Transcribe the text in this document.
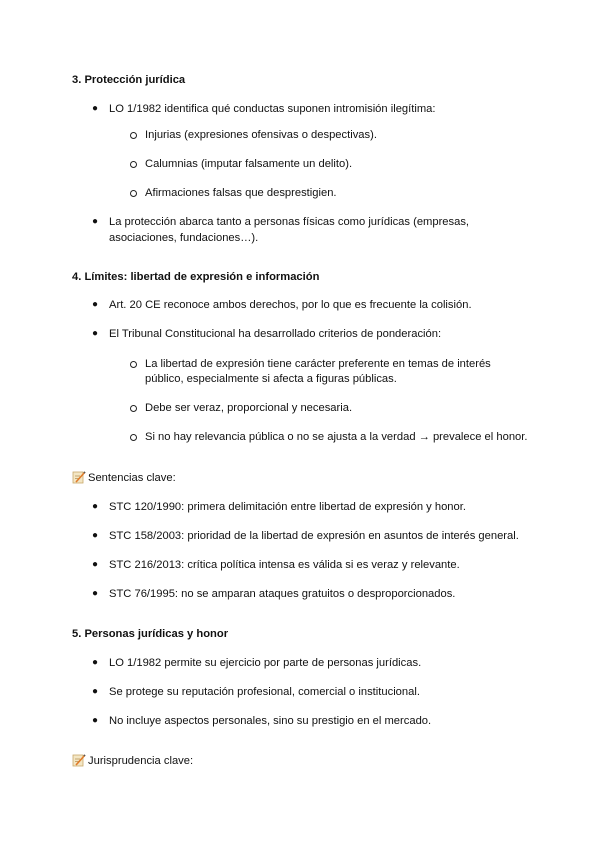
3. Protección jurídica
● LO 1/1982 identifica qué conductas suponen intromisión ilegítima:
Injurias (expresiones ofensivas o despectivas).
Calumnias (imputar falsamente un delito).
Afirmaciones falsas que desprestigien.
● La protección abarca tanto a personas físicas como jurídicas (empresas,
asociaciones, fundaciones…).
4. Límites: libertad de expresión e información
● Art. 20 CE reconoce ambos derechos, por lo que es frecuente la colisión.
● El Tribunal Constitucional ha desarrollado criterios de ponderación:
La libertad de expresión tiene carácter preferente en temas de interés
público, especialmente si afecta a figuras públicas.
Debe ser veraz, proporcional y necesaria.
Si no hay relevancia pública o no se ajusta a la verdad → prevalece el honor.
Sentencias clave:
● STC 120/1990: primera delimitación entre libertad de expresión y honor.
● STC 158/2003: prioridad de la libertad de expresión en asuntos de interés general.
● STC 216/2013: crítica política intensa es válida si es veraz y relevante.
● STC 76/1995: no se amparan ataques gratuitos o desproporcionados.
5. Personas jurídicas y honor
● LO 1/1982 permite su ejercicio por parte de personas jurídicas.
● Se protege su reputación profesional, comercial o institucional.
● No incluye aspectos personales, sino su prestigio en el mercado.
Jurisprudencia clave:
